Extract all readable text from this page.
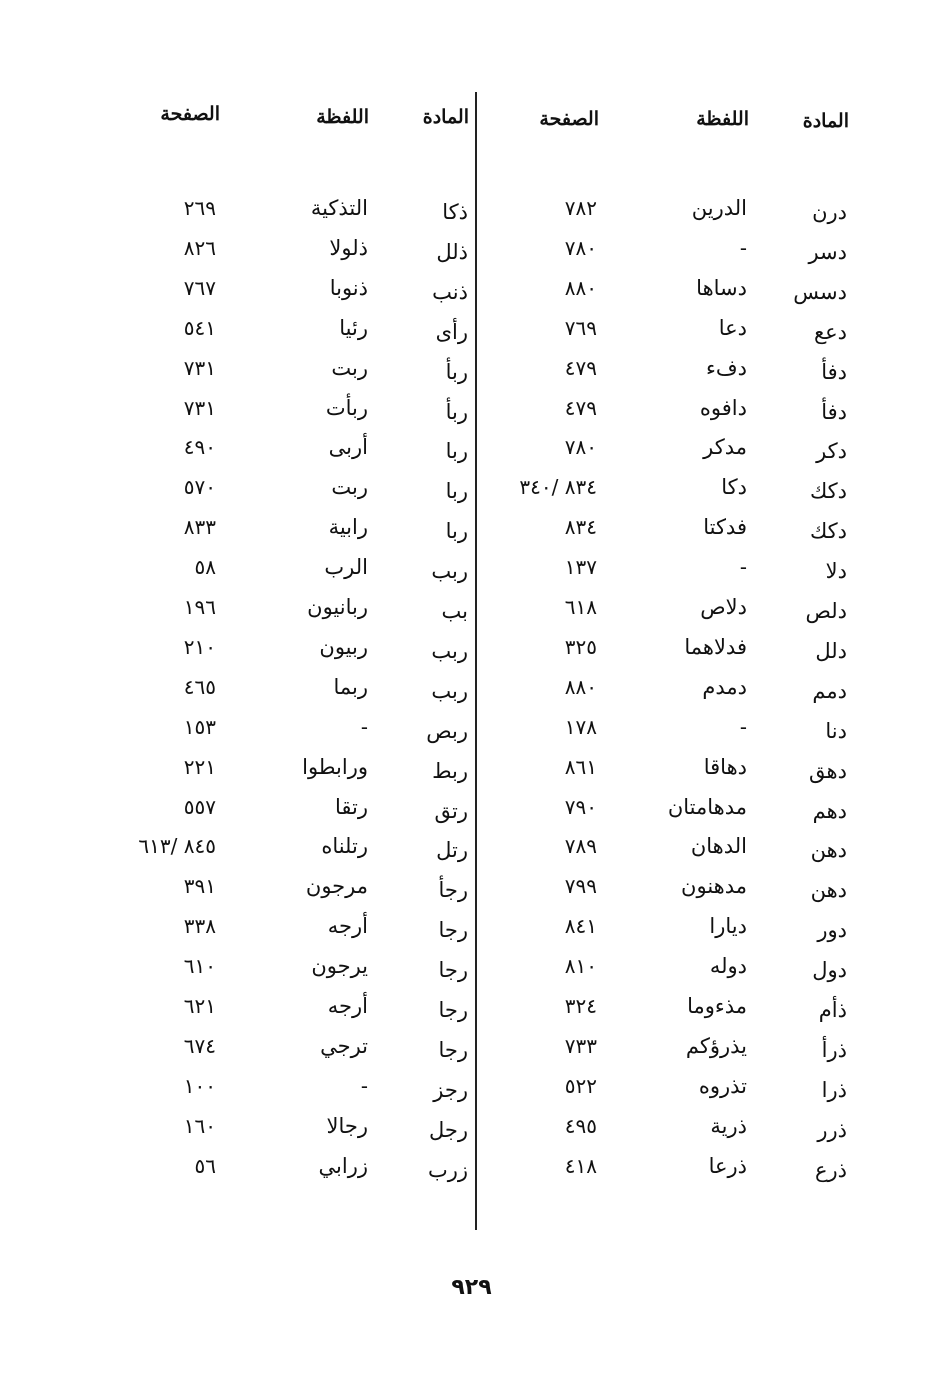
المادة
اللفظة
الصفحة
المادة
اللفظة
الصفحة
درن
الدرين
٧٨٢
دسر
-
٧٨٠
دسس
دساها
٨٨٠
دعع
دعا
٧٦٩
دفأ
دفء
٤٧٩
دفأ
دافوه
٤٧٩
دكر
مدكر
٧٨٠
دكك
دكا
٨٣٤ /٣٤٠
دكك
فدكتا
٨٣٤
دلا
-
١٣٧
دلص
دلاص
٦١٨
دلل
فدلاهما
٣٢٥
دمم
دمدم
٨٨٠
دنا
-
١٧٨
دهق
دهاقا
٨٦١
دهم
مدهامتان
٧٩٠
دهن
الدهان
٧٨٩
دهن
مدهنون
٧٩٩
دور
ديارا
٨٤١
دول
دوله
٨١٠
ذأم
مذءوما
٣٢٤
ذرأ
يذرؤكم
٧٣٣
ذرا
تذروه
٥٢٢
ذرر
ذرية
٤٩٥
ذرع
ذرعا
٤١٨
ذكا
التذكية
٢٦٩
ذلل
ذلولا
٨٢٦
ذنب
ذنوبا
٧٦٧
رأى
رئيا
٥٤١
ربأ
ربت
٧٣١
ربأ
ربأت
٧٣١
ربا
أربى
٤٩٠
ربا
ربت
٥٧٠
ربا
رابية
٨٣٣
ربب
الرب
٥٨
بب
ربانيون
١٩٦
ربب
ربيون
٢١٠
ربب
ربما
٤٦٥
ربص
-
١٥٣
ربط
ورابطوا
٢٢١
رتق
رتقا
٥٥٧
رتل
رتلناه
٨٤٥ /٦١٣
رجأ
مرجون
٣٩١
رجا
أرجه
٣٣٨
رجا
يرجون
٦١٠
رجا
أرجه
٦٢١
رجا
ترجي
٦٧٤
رجز
-
١٠٠
رجل
رجالا
١٦٠
زرب
زرابي
٥٦
٩٢٩
